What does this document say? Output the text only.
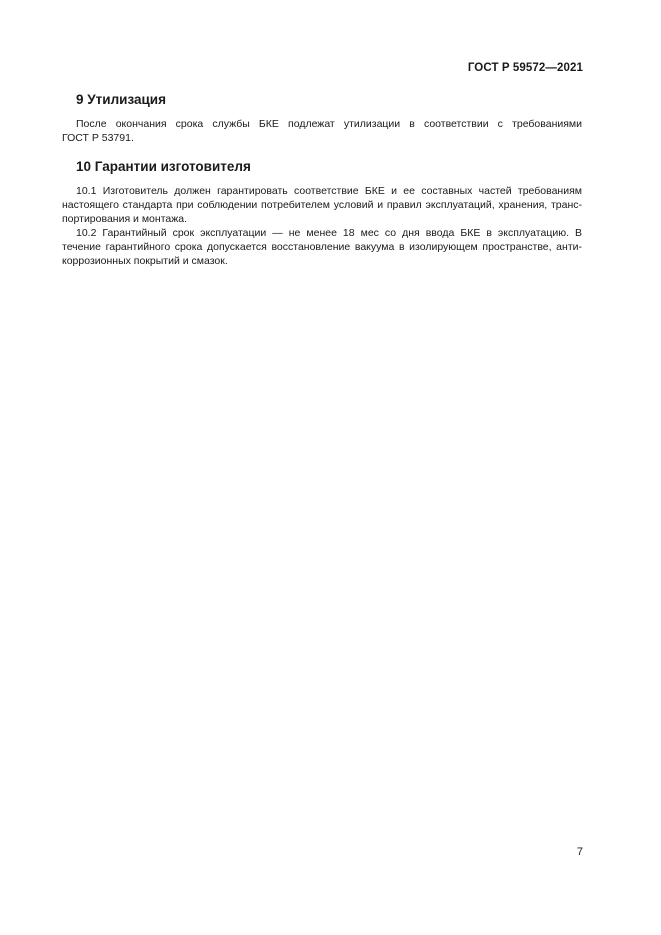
ГОСТ Р 59572—2021
9 Утилизация

После окончания срока службы БКЕ подлежат утилизации в соответствии с требованиями
ГОСТ Р 53791.

10 Гарантии изготовителя

10.1 Изготовитель должен гарантировать соответствие БКЕ и ее составных частей требованиям
настоящего стандарта при соблюдении потребителем условий и правил эксплуатаций, хранения, транс-
портирования и монтажа.

10.2 Гарантийный срок эксплуатации — не менее 18 мес со дня ввода БКЕ в эксплуатацию. В
течение гарантийного срока допускается восстановление вакуума в изолирующем пространстве, анти-
коррозионных покрытий и смазок.

7
